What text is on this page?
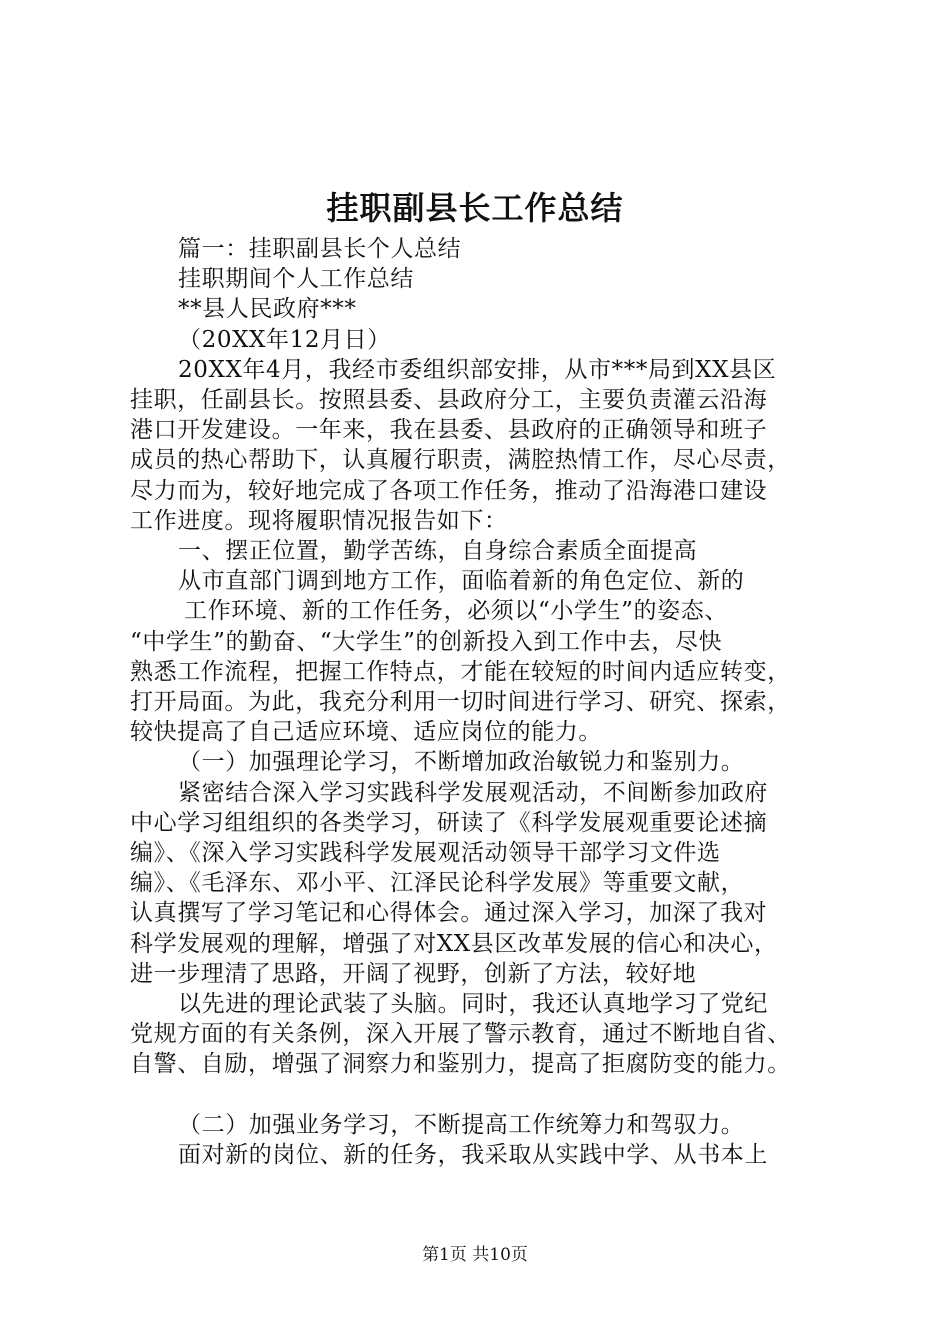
挂职副县长工作总结
篇一：挂职副县长个人总结
挂职期间个人工作总结
**县人民政府***
（20XX年12月日）
20XX年4月，我经市委组织部安排，从市***局到XX县区
挂职，任副县长。按照县委、县政府分工，主要负责灌云沿海
港口开发建设。一年来，我在县委、县政府的正确领导和班子
成员的热心帮助下，认真履行职责，满腔热情工作，尽心尽责，
尽力而为，较好地完成了各项工作任务，推动了沿海港口建设
工作进度。现将履职情况报告如下：
一、摆正位置，勤学苦练，自身综合素质全面提高
从市直部门调到地方工作，面临着新的角色定位、新的
工作环境、新的工作任务，必须以“小学生”的姿态、
“中学生”的勤奋、“大学生”的创新投入到工作中去，尽快
熟悉工作流程，把握工作特点，才能在较短的时间内适应转变，
打开局面。为此，我充分利用一切时间进行学习、研究、探索，
较快提高了自己适应环境、适应岗位的能力。
（一）加强理论学习，不断增加政治敏锐力和鉴别力。
紧密结合深入学习实践科学发展观活动，不间断参加政府
中心学习组组织的各类学习，研读了《科学发展观重要论述摘
编》、《深入学习实践科学发展观活动领导干部学习文件选
编》、《毛泽东、邓小平、江泽民论科学发展》等重要文献，
认真撰写了学习笔记和心得体会。通过深入学习，加深了我对
科学发展观的理解，增强了对XX县区改革发展的信心和决心，
进一步理清了思路，开阔了视野，创新了方法，较好地
以先进的理论武装了头脑。同时，我还认真地学习了党纪
党规方面的有关条例，深入开展了警示教育，通过不断地自省、
自警、自励，增强了洞察力和鉴别力，提高了拒腐防变的能力。
（二）加强业务学习，不断提高工作统筹力和驾驭力。
面对新的岗位、新的任务，我采取从实践中学、从书本上
第1页 共10页
